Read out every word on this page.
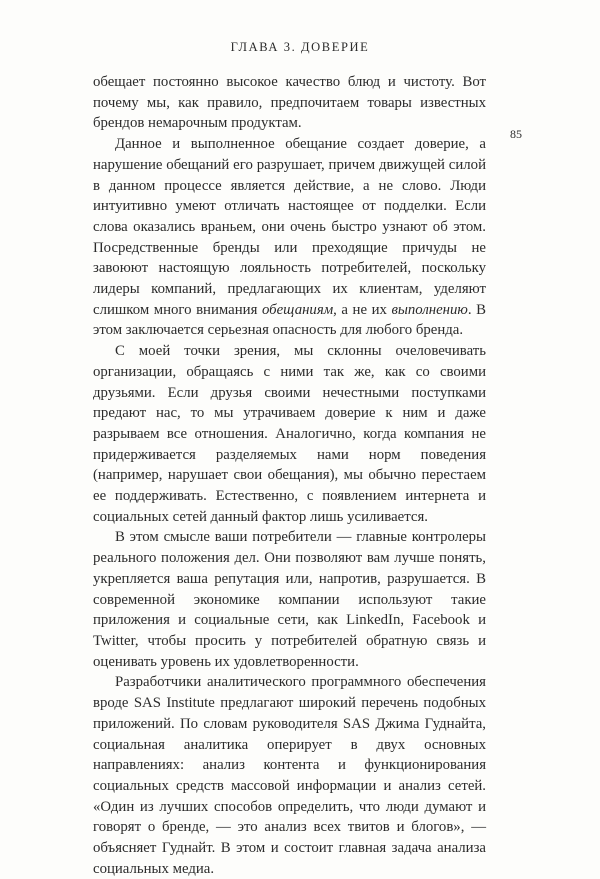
ГЛАВА 3. ДОВЕРИЕ
85

обещает постоянно высокое качество блюд и чистоту. Вот почему мы, как правило, предпочитаем товары известных брендов немарочным продуктам.

Данное и выполненное обещание создает доверие, а нарушение обещаний его разрушает, причем движущей силой в данном процессе является действие, а не слово. Люди интуитивно умеют отличать настоящее от подделки. Если слова оказались враньем, они очень быстро узнают об этом. Посредственные бренды или преходящие причуды не завоюют настоящую лояльность потребителей, поскольку лидеры компаний, предлагающих их клиентам, уделяют слишком много внимания обещаниям, а не их выполнению. В этом заключается серьезная опасность для любого бренда.

С моей точки зрения, мы склонны очеловечивать организации, обращаясь с ними так же, как со своими друзьями. Если друзья своими нечестными поступками предают нас, то мы утрачиваем доверие к ним и даже разрываем все отношения. Аналогично, когда компания не придерживается разделяемых нами норм поведения (например, нарушает свои обещания), мы обычно перестаем ее поддерживать. Естественно, с появлением интернета и социальных сетей данный фактор лишь усиливается.

В этом смысле ваши потребители — главные контролеры реального положения дел. Они позволяют вам лучше понять, укрепляется ваша репутация или, напротив, разрушается. В современной экономике компании используют такие приложения и социальные сети, как LinkedIn, Facebook и Twitter, чтобы просить у потребителей обратную связь и оценивать уровень их удовлетворенности.

Разработчики аналитического программного обеспечения вроде SAS Institute предлагают широкий перечень подобных приложений. По словам руководителя SAS Джима Гуднайта, социальная аналитика оперирует в двух основных направлениях: анализ контента и функционирования социальных средств массовой информации и анализ сетей. «Один из лучших способов определить, что люди думают и говорят о бренде, — это анализ всех твитов и блогов», — объясняет Гуднайт. В этом и состоит главная задача анализа социальных медиа.
